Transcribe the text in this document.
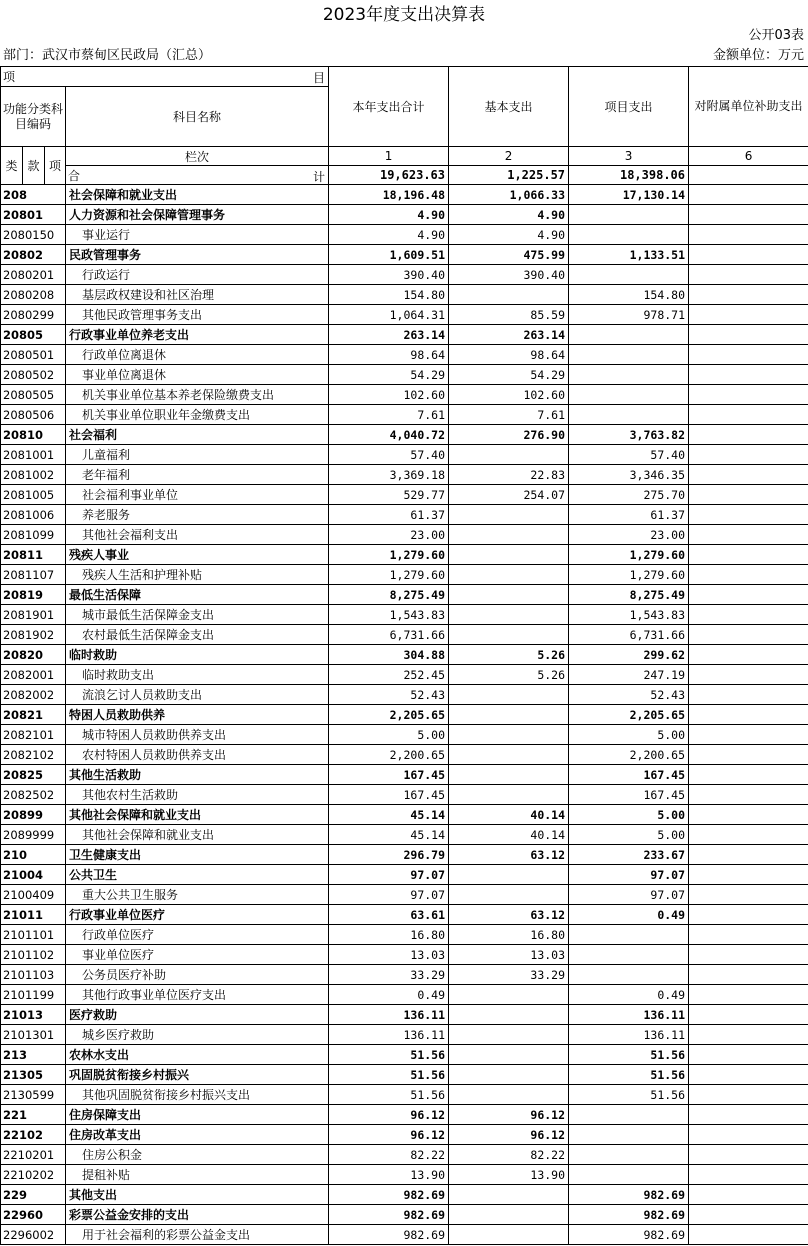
2023年度支出决算表
公开03表
部门：武汉市蔡甸区民政局（汇总）	金额单位：万元
项 目				本年支出合计	基本支出	项目支出	对附属单位补助支出
功能分类科目编码			科目名称				
类	款	项	栏次	1	2	3	6
			合 计	19,623.63	1,225.57	18,398.06	
208			社会保障和就业支出	18,196.48	1,066.33	17,130.14	
20801			人力资源和社会保障管理事务	4.90	4.90		
2080150			事业运行	4.90	4.90		
20802			民政管理事务	1,609.51	475.99	1,133.51	
2080201			行政运行	390.40	390.40		
2080208			基层政权建设和社区治理	154.80		154.80	
2080299			其他民政管理事务支出	1,064.31	85.59	978.71	
20805			行政事业单位养老支出	263.14	263.14		
2080501			行政单位离退休	98.64	98.64		
2080502			事业单位离退休	54.29	54.29		
2080505			机关事业单位基本养老保险缴费支出	102.60	102.60		
2080506			机关事业单位职业年金缴费支出	7.61	7.61		
20810			社会福利	4,040.72	276.90	3,763.82	
2081001			儿童福利	57.40		57.40	
2081002			老年福利	3,369.18	22.83	3,346.35	
2081005			社会福利事业单位	529.77	254.07	275.70	
2081006			养老服务	61.37		61.37	
2081099			其他社会福利支出	23.00		23.00	
20811			残疾人事业	1,279.60		1,279.60	
2081107			残疾人生活和护理补贴	1,279.60		1,279.60	
20819			最低生活保障	8,275.49		8,275.49	
2081901			城市最低生活保障金支出	1,543.83		1,543.83	
2081902			农村最低生活保障金支出	6,731.66		6,731.66	
20820			临时救助	304.88	5.26	299.62	
2082001			临时救助支出	252.45	5.26	247.19	
2082002			流浪乞讨人员救助支出	52.43		52.43	
20821			特困人员救助供养	2,205.65		2,205.65	
2082101			城市特困人员救助供养支出	5.00		5.00	
2082102			农村特困人员救助供养支出	2,200.65		2,200.65	
20825			其他生活救助	167.45		167.45	
2082502			其他农村生活救助	167.45		167.45	
20899			其他社会保障和就业支出	45.14	40.14	5.00	
2089999			其他社会保障和就业支出	45.14	40.14	5.00	
210			卫生健康支出	296.79	63.12	233.67	
21004			公共卫生	97.07		97.07	
2100409			重大公共卫生服务	97.07		97.07	
21011			行政事业单位医疗	63.61	63.12	0.49	
2101101			行政单位医疗	16.80	16.80		
2101102			事业单位医疗	13.03	13.03		
2101103			公务员医疗补助	33.29	33.29		
2101199			其他行政事业单位医疗支出	0.49		0.49	
21013			医疗救助	136.11		136.11	
2101301			城乡医疗救助	136.11		136.11	
213			农林水支出	51.56		51.56	
21305			巩固脱贫衔接乡村振兴	51.56		51.56	
2130599			其他巩固脱贫衔接乡村振兴支出	51.56		51.56	
221			住房保障支出	96.12	96.12		
22102			住房改革支出	96.12	96.12		
2210201			住房公积金	82.22	82.22		
2210202			提租补贴	13.90	13.90		
229			其他支出	982.69		982.69	
22960			彩票公益金安排的支出	982.69		982.69	
2296002			用于社会福利的彩票公益金支出	982.69		982.69	
